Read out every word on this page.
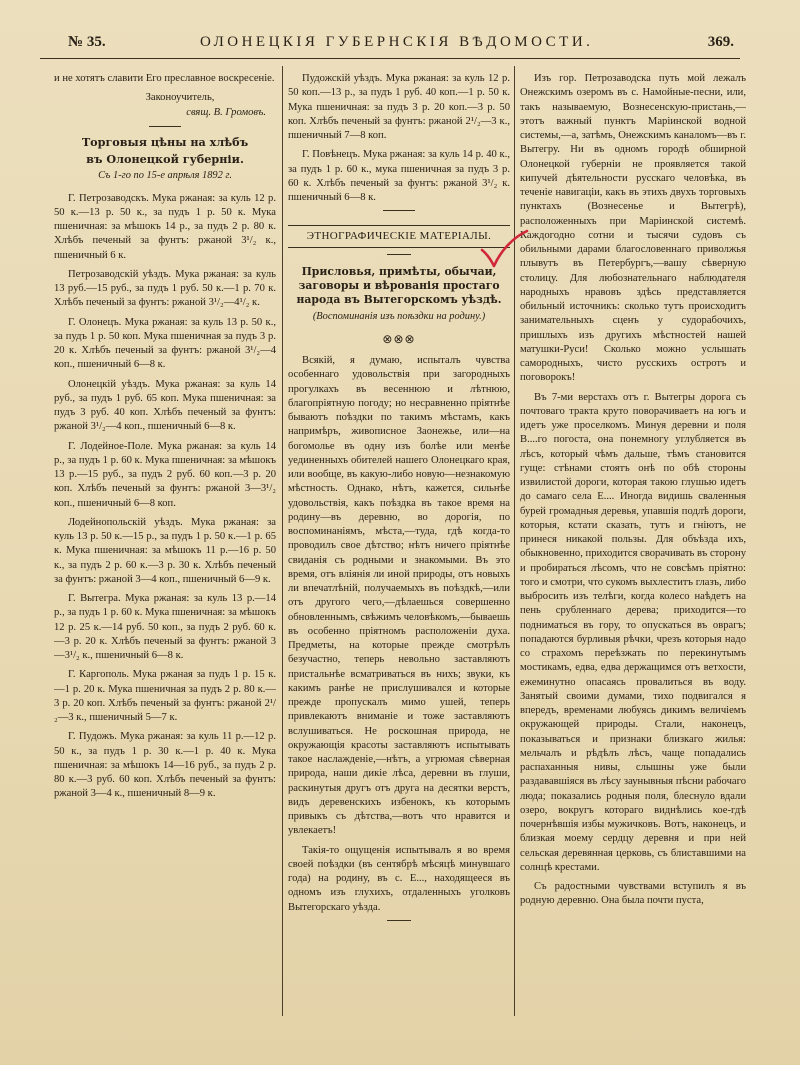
№ 35.	ОЛОНЕЦКІЯ ГУБЕРНСКІЯ ВѢДОМОСТИ.	369.

и не хотятъ славити Его преславное воскресеніе.

Законоучитель,

свящ. В. Громовъ.

Торговыя цѣны на хлѣбъ
въ Олонецкой губерніи.
Съ 1-го по 15-е апрѣля 1892 г.

Г. Петрозаводскъ. Мука ржаная: за куль 12 р. 50 к.—13 р. 50 к., за пудъ 1 р. 50 к. Мука пшеничная: за мѣшокъ 14 р., за пудъ 2 р. 80 к. Хлѣбъ печеный за фунтъ: ржаной 3¹/₂ к., пшеничный 6 к.

Петрозаводскій уѣздъ. Мука ржаная: за куль 13 руб.—15 руб., за пудъ 1 руб. 50 к.—1 р. 70 к. Хлѣбъ печеный за фунтъ: ржаной 3¹/₂—4¹/₂ к.

Г. Олонецъ. Мука ржаная: за куль 13 р. 50 к., за пудъ 1 р. 50 коп. Мука пшеничная за пудъ 3 р. 20 к. Хлѣбъ печеный за фунтъ: ржаной 3¹/₂—4 коп., пшеничный 6—8 к.

Олонецкій уѣздъ. Мука ржаная: за куль 14 руб., за пудъ 1 руб. 65 коп. Мука пшеничная: за пудъ 3 руб. 40 коп. Хлѣбъ печеный за фунтъ: ржаной 3¹/₂—4 коп., пшеничный 6—8 к.

Г. Лодейное-Поле. Мука ржаная: за куль 14 р., за пудъ 1 р. 60 к. Мука пшеничная: за мѣшокъ 13 р.—15 руб., за пудъ 2 руб. 60 коп.—3 р. 20 коп. Хлѣбъ печеный за фунтъ: ржаной 3—3¹/₂ коп., пшеничный 6—8 коп.

Лодейнопольскій уѣздъ. Мука ржаная: за куль 13 р. 50 к.—15 р., за пудъ 1 р. 50 к.—1 р. 65 к. Мука пшеничная: за мѣшокъ 11 р.—16 р. 50 к., за пудъ 2 р. 60 к.—3 р. 30 к. Хлѣбъ печеный за фунтъ: ржаной 3—4 коп., пшеничный 6—9 к.

Г. Вытегра. Мука ржаная: за куль 13 р.—14 р., за пудъ 1 р. 60 к. Мука пшеничная: за мѣшокъ 12 р. 25 к.—14 руб. 50 коп., за пудъ 2 руб. 60 к.—3 р. 20 к. Хлѣбъ печеный за фунтъ: ржаной 3—3¹/₂ к., пшеничный 6—8 к.

Г. Каргополь. Мука ржаная за пудъ 1 р. 15 к.—1 р. 20 к. Мука пшеничная за пудъ 2 р. 80 к.—3 р. 20 коп. Хлѣбъ печеный за фунтъ: ржаной 2¹/₂—3 к., пшеничный 5—7 к.

Г. Пудожъ. Мука ржаная: за куль 11 р.—12 р. 50 к., за пудъ 1 р. 30 к.—1 р. 40 к. Мука пшеничная: за мѣшокъ 14—16 руб., за пудъ 2 р. 80 к.—3 руб. 60 коп. Хлѣбъ печеный за фунтъ: ржаной 3—4 к., пшеничный 8—9 к.

Пудожскій уѣздъ. Мука ржаная: за куль 12 р. 50 коп.—13 р., за пудъ 1 руб. 40 коп.—1 р. 50 к. Мука пшеничная: за пудъ 3 р. 20 коп.—3 р. 50 коп. Хлѣбъ печеный за фунтъ: ржаной 2¹/₂—3 к., пшеничный 7—8 коп.

Г. Повѣнецъ. Мука ржаная: за куль 14 р. 40 к., за пудъ 1 р. 60 к., мука пшеничная за пудъ 3 р. 60 к. Хлѣбъ печеный за фунтъ: ржаной 3¹/₂ к. пшеничный 6—8 к.

ЭТНОГРАФИЧЕСКІЕ МАТЕРІАЛЫ.
Присловья, примѣты, обычаи, заговоры и вѣрованія простаго народа въ Вытегорскомъ уѣздѣ.
(Воспоминанія изъ поѣздки на родину.)
⊗⊗⊗

Всякій, я думаю, испыталъ чувства особеннаго удовольствія при загородныхъ прогулкахъ въ весеннюю и лѣтнюю, благопріятную погоду; но несравненно пріятнѣе бываютъ поѣздки по такимъ мѣстамъ, какъ напримѣръ, живописное Заонежье, или—на богомолье въ одну изъ болѣе или менѣе уединенныхъ обителей нашего Олонецкаго края, или вообще, въ какую-либо новую—незнакомую мѣстность. Однако, нѣтъ, кажется, сильнѣе удовольствія, какъ поѣздка въ такое время на родину—въ деревню, во дорогія, по воспоминаніямъ, мѣста,—туда, гдѣ когда-то проводилъ свое дѣтство; нѣтъ ничего пріятнѣе свиданія съ родными и знакомыми. Въ это время, отъ вліянія ли иной природы, отъ новыхъ ли впечатлѣній, получаемыхъ въ поѣздкѣ,—или отъ другого чего,—дѣлаешься совершенно обновленнымъ, свѣжимъ человѣкомъ,—бываешь въ особенно пріятномъ расположеніи духа. Предметы, на которые прежде смотрѣлъ безучастно, теперь невольно заставляютъ пристальнѣе всматриваться въ нихъ; звуки, къ какимъ ранѣе не прислушивался и которые прежде пропускалъ мимо ушей, теперь привлекаютъ вниманіе и тоже заставляютъ вслушиваться. Не роскошная природа, не окружающія красоты заставляютъ испытывать такое наслажденіе,—нѣтъ, а угрюмая сѣверная природа, наши дикіе лѣса, деревни въ глуши, раскинутыя другъ отъ друга на десятки верстъ, видъ деревенскихъ избенокъ, къ которымъ привыкъ съ дѣтства,—вотъ что нравится и увлекаетъ!

Такія-то ощущенія испытывалъ я во время своей поѣздки (въ сентябрѣ мѣсяцѣ минувшаго года) на родину, въ с. Е..., находящееся въ одномъ изъ глухихъ, отдаленныхъ уголковъ Вытегорскаго уѣзда.

Изъ гор. Петрозаводска путь мой лежалъ Онежскимъ озеромъ въ с. Намойные-песни, или, такъ называемую, Вознесенскую-пристань,—этотъ важный пунктъ Маріинской водной системы,—а, затѣмъ, Онежскимъ каналомъ—въ г. Вытегру. Ни въ одномъ городѣ обширной Олонецкой губерніи не проявляется такой кипучей дѣятельности русскаго человѣка, въ теченіе навигаціи, какъ въ этихъ двухъ торговыхъ пунктахъ (Вознесенье и Вытегрѣ), расположенныхъ при Маріинской системѣ. Каждогодно сотни и тысячи судовъ съ обильными дарами благословеннаго приволжья плывутъ въ Петербургъ,—вашу сѣверную столицу. Для любознательнаго наблюдателя народныхъ нравовъ здѣсь представляется обильный источникъ: сколько тутъ происходитъ занимательныхъ сценъ у судорабочихъ, пришлыхъ изъ другихъ мѣстностей нашей матушки-Руси! Сколько можно услышать самородныхъ, чисто русскихъ остротъ и поговорокъ!

Въ 7-ми верстахъ отъ г. Вытегры дорога съ почтоваго тракта круто поворачиваетъ на югъ и идетъ уже проселкомъ. Минуя деревни и поля В....го погоста, она понемногу углубляется въ лѣсъ, который чѣмъ дальше, тѣмъ становится гуще: стѣнами стоятъ онѣ по обѣ стороны извилистой дороги, которая такою глушью идетъ до самаго села Е.... Иногда видишь сваленныя бурей громадныя деревья, упавшія подлѣ дороги, которыя, кстати сказать, тутъ и гніютъ, не принеся никакой пользы. Для объѣзда ихъ, обыкновенно, приходится сворачивать въ сторону и пробираться лѣсомъ, что не совсѣмъ пріятно: того и смотри, что сукомъ выхлеститъ глазъ, либо выбросить изъ телѣги, когда колесо наѣдетъ на пень срубленнаго дерева; приходится—то подниматься въ гору, то опускаться въ оврагъ; попадаются бурливыя рѣчки, чрезъ которыя надо со страхомъ переѣзжать по перекинутымъ мостикамъ, едва, едва держащимся отъ ветхости, ежеминутно опасаясь провалиться въ воду. Занятый своими думами, тихо подвигался я впередъ, временами любуясь дикимъ величіемъ окружающей природы. Стали, наконецъ, показываться и признаки близкаго жилья: мельчалъ и рѣдѣлъ лѣсъ, чаще попадались распаханныя нивы, слышны уже были раздававшіяся въ лѣсу заунывныя пѣсни рабочаго люда; показались родныя поля, блеснуло вдали озеро, вокругъ котораго виднѣлись кое-гдѣ почернѣвшія избы мужичковъ. Вотъ, наконецъ, и близкая моему сердцу деревня и при ней сельская деревянная церковь, съ блиставшими на солнцѣ крестами.

Съ радостными чувствами вступилъ я въ родную деревню. Она была почти пуста,
